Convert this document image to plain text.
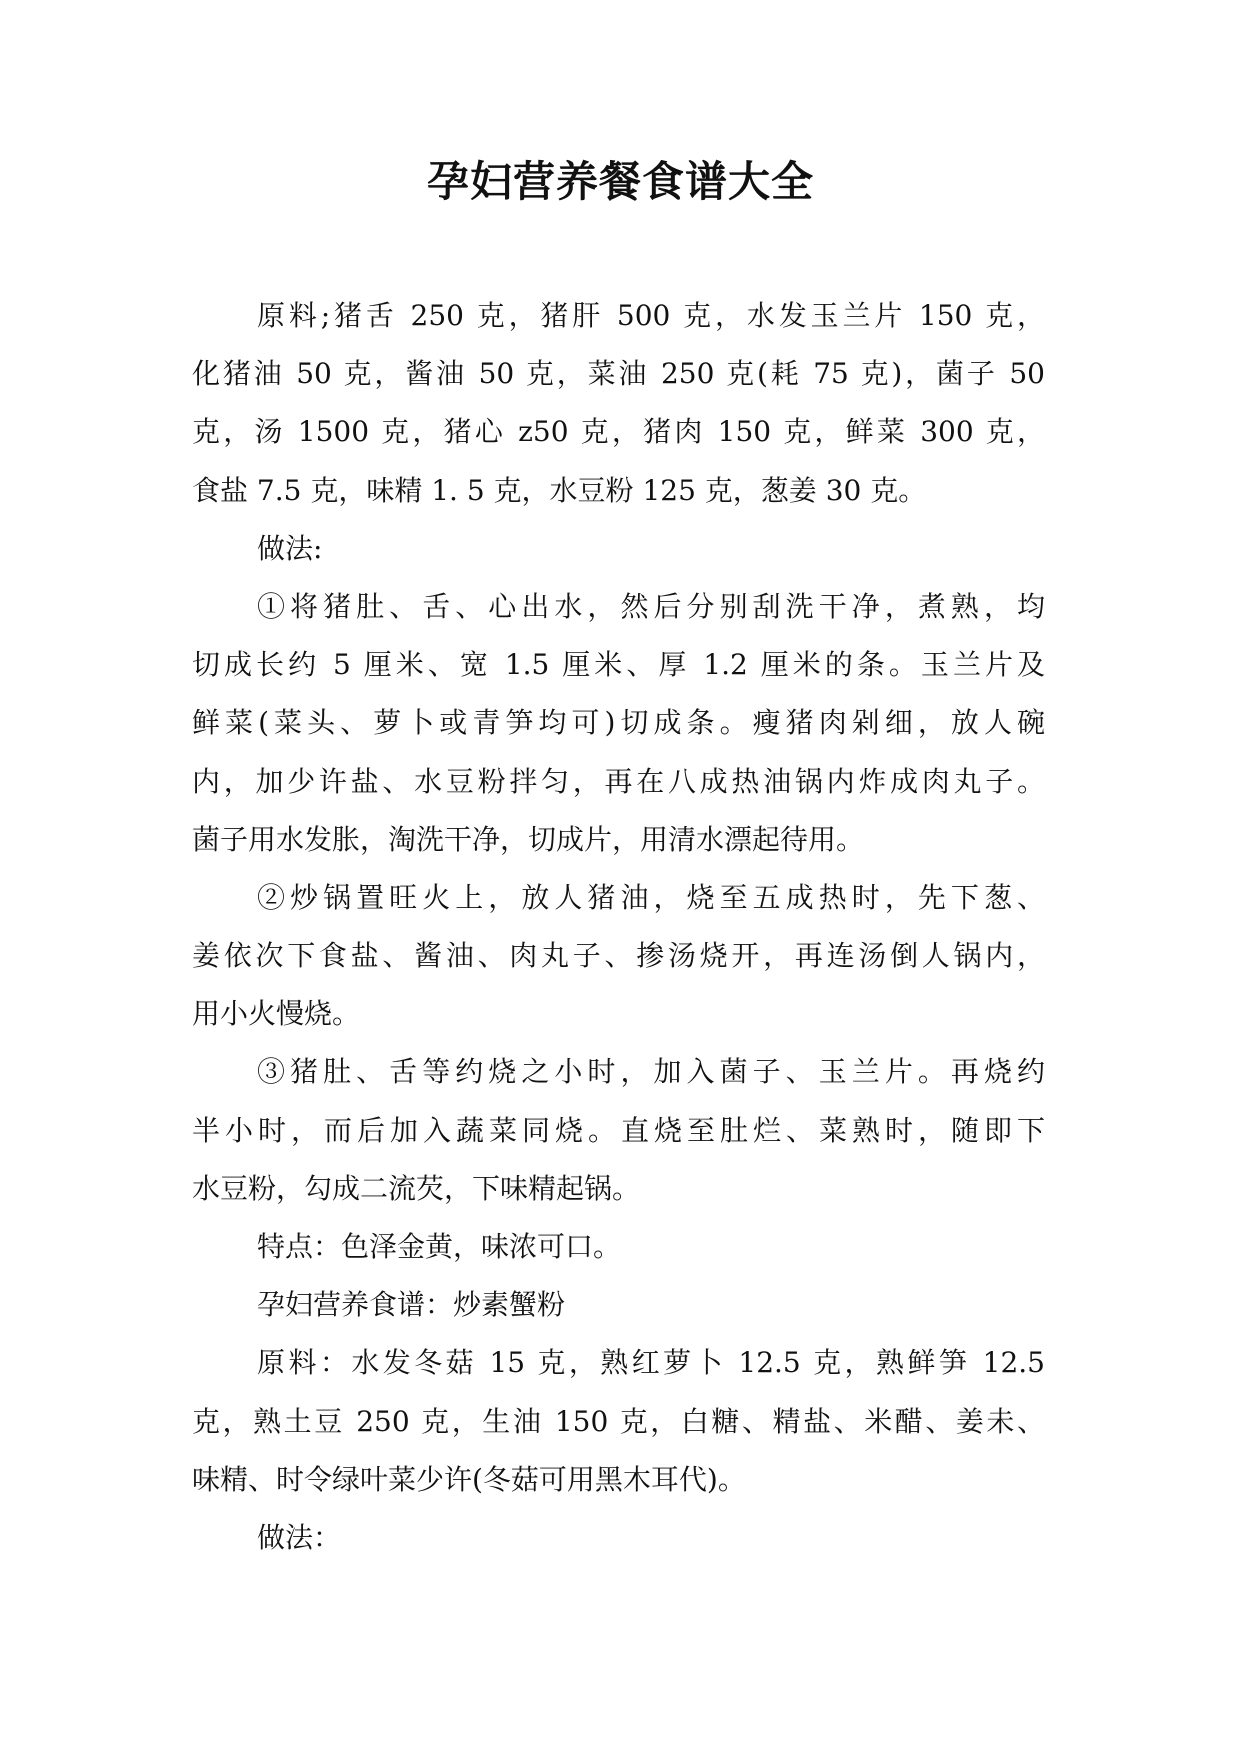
孕妇营养餐食谱大全
原料;猪舌 250 克，猪肝 500 克，水发玉兰片 150 克，
化猪油 50 克，酱油 50 克，菜油 250 克(耗 75 克)，菌子 50
克，汤 1500 克，猪心 z50 克，猪肉 150 克，鲜菜 300 克，
食盐 7.5 克，味精 1. 5 克，水豆粉 125 克，葱姜 30 克。
做法:
①将猪肚、舌、心出水，然后分别刮洗干净，煮熟，均
切成长约 5 厘米、宽 1.5 厘米、厚 1.2 厘米的条。玉兰片及
鲜菜(菜头、萝卜或青笋均可)切成条。瘦猪肉剁细，放人碗
内，加少许盐、水豆粉拌匀，再在八成热油锅内炸成肉丸子。
菌子用水发胀，淘洗干净，切成片，用清水漂起待用。
②炒锅置旺火上，放人猪油，烧至五成热时，先下葱、
姜依次下食盐、酱油、肉丸子、掺汤烧开，再连汤倒人锅内，
用小火慢烧。
③猪肚、舌等约烧之小时，加入菌子、玉兰片。再烧约
半小时，而后加入蔬菜同烧。直烧至肚烂、菜熟时，随即下
水豆粉，勾成二流芡，下味精起锅。
特点：色泽金黄，味浓可口。
孕妇营养食谱：炒素蟹粉
原料：水发冬菇 15 克，熟红萝卜 12.5 克，熟鲜笋 12.5
克，熟土豆 250 克，生油 150 克，白糖、精盐、米醋、姜未、
味精、时令绿叶菜少许(冬菇可用黑木耳代)。
做法：
